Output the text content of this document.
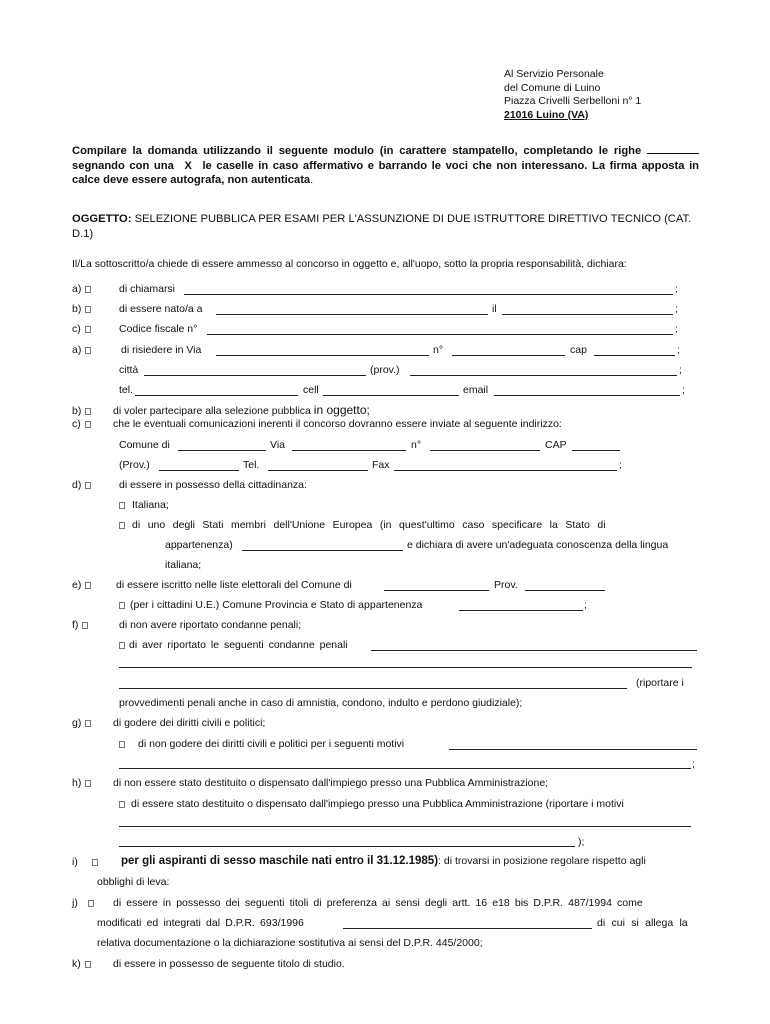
Al Servizio Personale
del Comune di Luino
Piazza Crivelli Serbelloni n° 1
21016 Luino (VA)
Compilare la domanda utilizzando il seguente modulo (in carattere stampatello, completando le righe  segnando con una X le caselle in caso affermativo e barrando le voci che non interessano. La firma apposta in calce deve essere autografa, non autenticata.
OGGETTO: SELEZIONE PUBBLICA PER ESAMI PER L'ASSUNZIONE DI DUE ISTRUTTORE DIRETTIVO TECNICO (CAT. D.1)
Il/La sottoscritto/a chiede di essere ammesso al concorso in oggetto e, all'uopo, sotto la propria responsabilità, dichiara:
a)	di chiamarsi	;
b)	di essere nato/a a	il	;
c)	Codice fiscale n°	;
a)	di risiedere in Via	n°	cap	;
città	(prov.)	;
tel.	cell	email	;
b)	di voler partecipare alla selezione pubblica in oggetto;
c)	che le eventuali comunicazioni inerenti il concorso dovranno essere inviate al seguente indirizzo:
Comune di	Via	n°	CAP
(Prov.)	Tel.	Fax	;
d)	di essere in possesso della cittadinanza:
Italiana;
di uno degli Stati membri dell'Unione Europea (in quest'ultimo caso specificare la Stato di
appartenenza)	e dichiara di avere un'adeguata conoscenza della lingua
italiana;
e)	di essere iscritto nelle liste elettorali del Comune di	Prov.
(per i cittadini U.E.) Comune Provincia e Stato di appartenenza	;
f)	di non avere riportato condanne penali;
di aver riportato le seguenti condanne penali
(riportare i
provvedimenti penali anche in caso di amnistia, condono, indulto e perdono giudiziale);
g)	di godere dei diritti civili e politici;
di non godere dei diritti civili e politici per i seguenti motivi
;
h)	di non essere stato destituito o dispensato dall'impiego presso una Pubblica Amministrazione;
di essere stato destituito o dispensato dall'impiego presso una Pubblica Amministrazione (riportare i motivi
);
i)	per gli aspiranti di sesso maschile nati entro il 31.12.1985): di trovarsi in posizione regolare rispetto agli
obblighi di leva:
j)	di essere in possesso dei seguenti titoli di preferenza ai sensi degli artt. 16 e18 bis D.P.R. 487/1994 come
modificati ed integrati dal D.P.R. 693/1996	di cui si allega la
relativa documentazione o la dichiarazione sostitutiva ai sensi del D.P.R. 445/2000;
k)	di essere in possesso de seguente titolo di studio.
